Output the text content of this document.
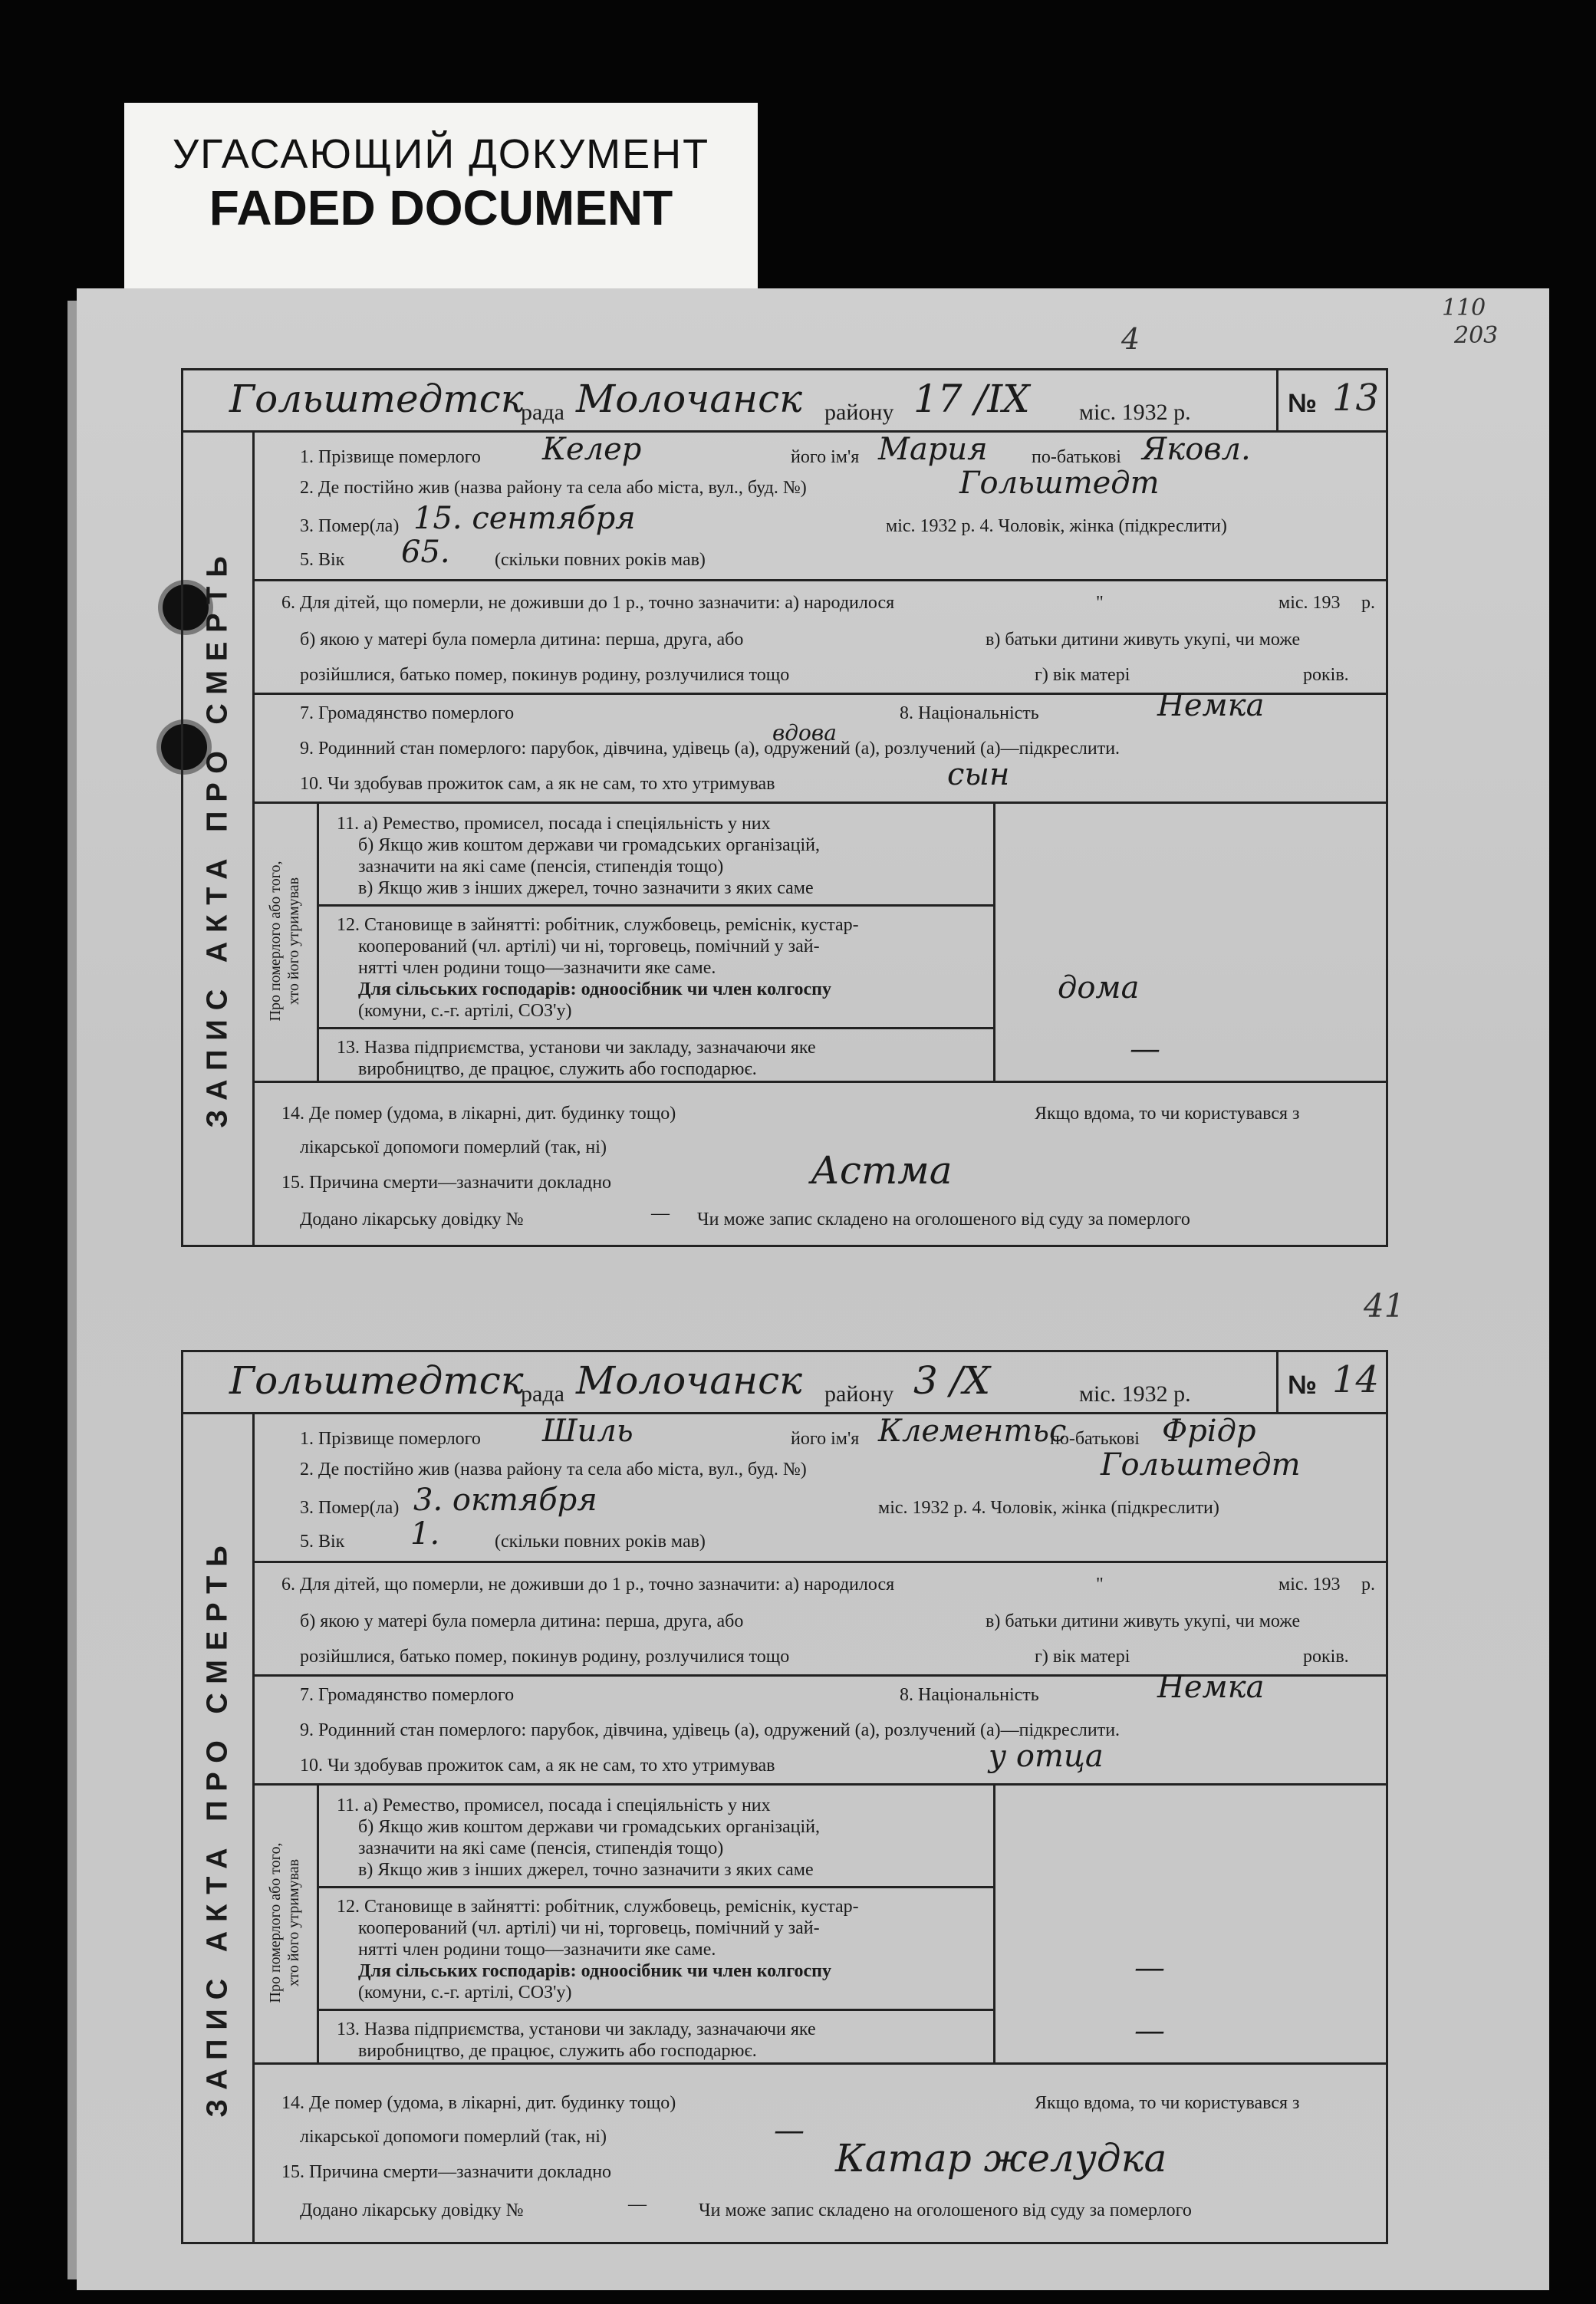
УГАСАЮЩИЙ ДОКУМЕНТ
FADED DOCUMENT
4
110
203
41
ЗАПИС АКТА ПРО СМЕРТЬ
Гольштедтск
рада Молочанск району 17 /IX міс. 1932 р.	№ 13
1. Прізвище померлого Келер	його ім'я Мария по-батькові Яковл.
2. Де постійно жив (назва району та села або міста, вул., буд. №)	Гольштедт
3. Помер(ла) 15. сентября	міс. 1932 р. 4. Чоловік, жінка (підкреслити)
5. Вік 65. (скільки повних років мав)
6. Для дітей, що померли, не доживши до 1 р., точно зазначити: а) народилося	"	міс. 193 р.
б) якою у матері була померла дитина: перша, друга, або	в) батьки дитини живуть укупі, чи може
розійшлися, батько помер, покинув родину, розлучилися тощо	г) вік матері	років.
7. Громадянство померлого	8. Національність	Немка
9. Родинний стан померлого: парубок, дівчина, удівець (а), одружений (а), розлучений (а)—підкреслити.
вдова
10. Чи здобував прожиток сам, а як не сам, то хто утримував	сын
Про померлого або того, хто його утримував
11. а) Ремество, промисел, посада і спеціяльність у них
б) Якщо жив коштом держави чи громадських організацій,
зазначити на які саме (пенсія, стипендія тощо)
в) Якщо жив з інших джерел, точно зазначити з яких саме
12. Становище в зайнятті: робітник, службовець, реміснік, кустар-
кооперований (чл. артілі) чи ні, торговець, помічний у зай-
нятті член родини тощо—зазначити яке саме.
Для сільських господарів: одноосібник чи член колгоспу
(комуни, с.-г. артілі, СОЗ'у)
дома
13. Назва підприємства, установи чи закладу, зазначаючи яке
виробництво, де працює, служить або господарює.
—
14. Де помер (удома, в лікарні, дит. будинку тощо)	Якщо вдома, то чи користувався з
лікарської допомоги померлий (так, ні)
15. Причина смерти—зазначити докладно	Астма
Додано лікарську довідку №	— Чи може запис складено на оголошеного від суду за померлого
ЗАПИС АКТА ПРО СМЕРТЬ
Гольштедтск
рада Молочанск району 3 /X	міс. 1932 р.	№ 14
1. Прізвище померлого Шиль	його ім'я Клементьс
по-батькові Фрідр
2. Де постійно жив (назва району та села або міста, вул., буд. №)	Гольштедт
3. Помер(ла) 3. октября	міс. 1932 р. 4. Чоловік, жінка (підкреслити)
5. Вік 1.	(скільки повних років мав)
6. Для дітей, що померли, не доживши до 1 р., точно зазначити: а) народилося	"	міс. 193 р.
б) якою у матері була померла дитина: перша, друга, або	в) батьки дитини живуть укупі, чи може
розійшлися, батько помер, покинув родину, розлучилися тощо	г) вік матері	років.
7. Громадянство померлого	8. Національність	Немка
9. Родинний стан померлого: парубок, дівчина, удівець (а), одружений (а), розлучений (а)—підкреслити.
10. Чи здобував прожиток сам, а як не сам, то хто утримував	у отца
Про померлого або того, хто його утримував
11. а) Ремество, промисел, посада і спеціяльність у них
б) Якщо жив коштом держави чи громадських організацій,
зазначити на які саме (пенсія, стипендія тощо)
в) Якщо жив з інших джерел, точно зазначити з яких саме
12. Становище в зайнятті: робітник, службовець, реміснік, кустар-
кооперований (чл. артілі) чи ні, торговець, помічний у зай-
нятті член родини тощо—зазначити яке саме.
Для сільських господарів: одноосібник чи член колгоспу
(комуни, с.-г. артілі, СОЗ'у)
—
13. Назва підприємства, установи чи закладу, зазначаючи яке
виробництво, де працює, служить або господарює.
—
14. Де помер (удома, в лікарні, дит. будинку тощо)	Якщо вдома, то чи користувався з
лікарської допомоги померлий (так, ні)	—
15. Причина смерти—зазначити докладно	Катар желудка
Додано лікарську довідку №	—	Чи може запис складено на оголошеного від суду за померлого
